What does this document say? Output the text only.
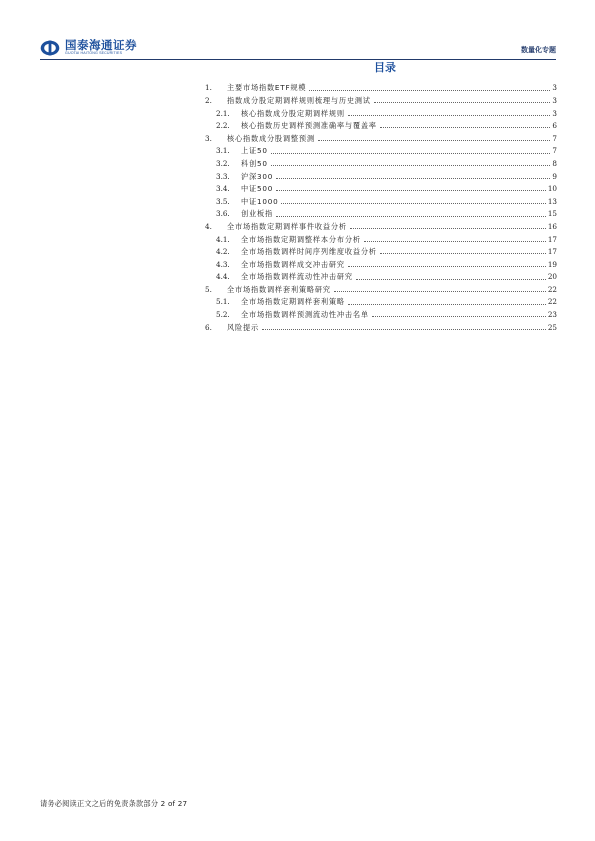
国泰海通证券
GUOTAI HAITONG SECURITIES	数量化专题
目录
1.	主要市场指数ETF规模	3
2.	指数成分股定期调样规则梳理与历史测试	3
2.1.	核心指数成分股定期调样规则	3
2.2.	核心指数历史调样预测准确率与覆盖率	6
3.	核心指数成分股调整预测	7
3.1.	上证50	7
3.2.	科创50	8
3.3.	沪深300	9
3.4.	中证500	10
3.5.	中证1000	13
3.6.	创业板指	15
4.	全市场指数定期调样事件收益分析	16
4.1.	全市场指数定期调整样本分布分析	17
4.2.	全市场指数调样时间序列维度收益分析	17
4.3.	全市场指数调样成交冲击研究	19
4.4.	全市场指数调样流动性冲击研究	20
5.	全市场指数调样套利策略研究	22
5.1.	全市场指数定期调样套利策略	22
5.2.	全市场指数调样预测流动性冲击名单	23
6.	风险提示	25
请务必阅读正文之后的免责条款部分 2 of 27
